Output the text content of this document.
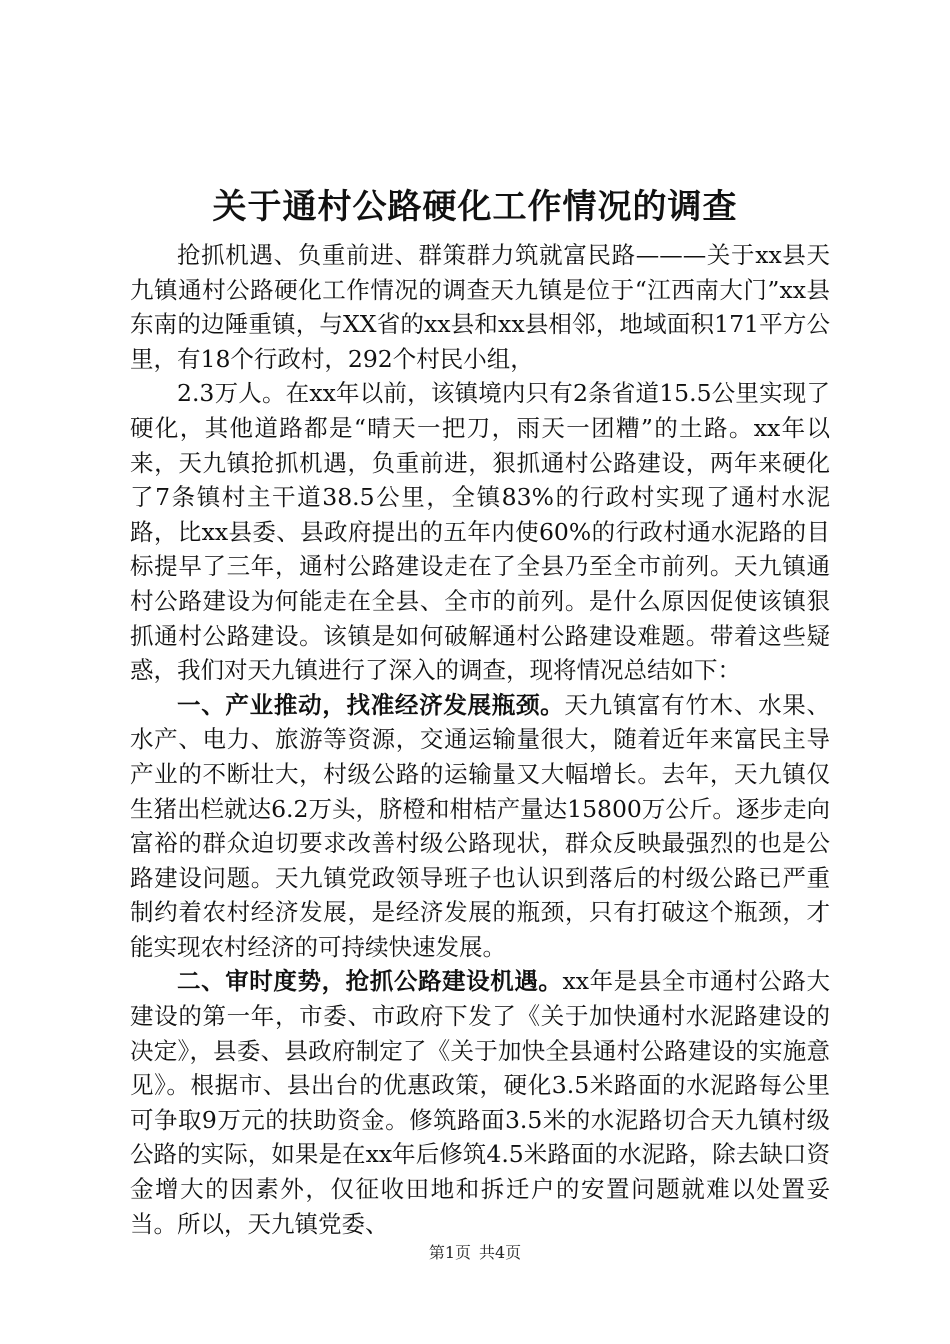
关于通村公路硬化工作情况的调查

抢抓机遇、负重前进、群策群力筑就富民路———关于xx县天九镇通村公路硬化工作情况的调查天九镇是位于“江西南大门”xx县东南的边陲重镇，与XX省的xx县和xx县相邻，地域面积171平方公里，有18个行政村，292个村民小组，

2.3万人。在xx年以前，该镇境内只有2条省道15.5公里实现了硬化，其他道路都是“晴天一把刀，雨天一团糟”的土路。xx年以来，天九镇抢抓机遇，负重前进，狠抓通村公路建设，两年来硬化了7条镇村主干道38.5公里，全镇83%的行政村实现了通村水泥路，比xx县委、县政府提出的五年内使60%的行政村通水泥路的目标提早了三年，通村公路建设走在了全县乃至全市前列。天九镇通村公路建设为何能走在全县、全市的前列。是什么原因促使该镇狠抓通村公路建设。该镇是如何破解通村公路建设难题。带着这些疑惑，我们对天九镇进行了深入的调查，现将情况总结如下：

一、产业推动，找准经济发展瓶颈。天九镇富有竹木、水果、水产、电力、旅游等资源，交通运输量很大，随着近年来富民主导产业的不断壮大，村级公路的运输量又大幅增长。去年，天九镇仅生猪出栏就达6.2万头，脐橙和柑桔产量达15800万公斤。逐步走向富裕的群众迫切要求改善村级公路现状，群众反映最强烈的也是公路建设问题。天九镇党政领导班子也认识到落后的村级公路已严重制约着农村经济发展，是经济发展的瓶颈，只有打破这个瓶颈，才能实现农村经济的可持续快速发展。

二、审时度势，抢抓公路建设机遇。xx年是县全市通村公路大建设的第一年，市委、市政府下发了《关于加快通村水泥路建设的决定》，县委、县政府制定了《关于加快全县通村公路建设的实施意见》。根据市、县出台的优惠政策，硬化3.5米路面的水泥路每公里可争取9万元的扶助资金。修筑路面3.5米的水泥路切合天九镇村级公路的实际，如果是在xx年后修筑4.5米路面的水泥路，除去缺口资金增大的因素外，仅征收田地和拆迁户的安置问题就难以处置妥当。所以，天九镇党委、

第1页 共4页
